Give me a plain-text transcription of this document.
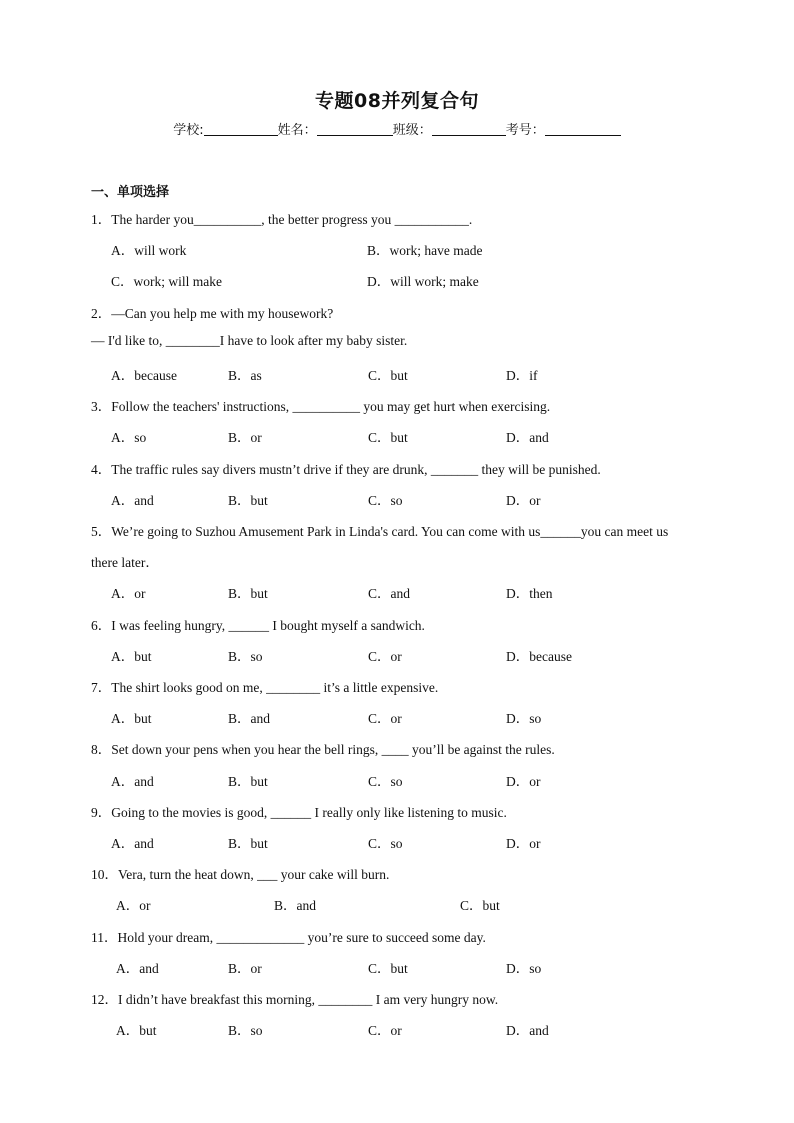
专题08并列复合句
学校:	姓名：	班级：	考号：
一、单项选择
1．The harder you__________, the better progress you ___________.
A．will work	B．work; have made
C．work; will make	D．will work; make
2．—Can you help me with my housework?
— I'd like to, ________I have to look after my baby sister.
A．because	B．as	C．but	D．if
3．Follow the teachers' instructions, __________ you may get hurt when exercising.
A．so	B．or	C．but	D．and
4．The traffic rules say divers mustn’t drive if they are drunk, _______ they will be punished.
A．and	B．but	C．so	D．or
5．We’re going to Suzhou Amusement Park in Linda's card. You can come with us______you can meet us
there later．
A．or	B．but	C．and	D．then
6．I was feeling hungry, ______ I bought myself a sandwich.
A．but	B．so	C．or	D．because
7．The shirt looks good on me, ________ it’s a little expensive.
A．but	B．and	C．or	D．so
8．Set down your pens when you hear the bell rings, ____ you’ll be against the rules.
A．and	B．but	C．so	D．or
9．Going to the movies is good, ______ I really only like listening to music.
A．and	B．but	C．so	D．or
10．Vera, turn the heat down, ___ your cake will burn.
A．or	B．and	C．but
11．Hold your dream, _____________ you’re sure to succeed some day.
A．and	B．or	C．but	D．so
12．I didn’t have breakfast this morning, ________ I am very hungry now.
A．but	B．so	C．or	D．and
